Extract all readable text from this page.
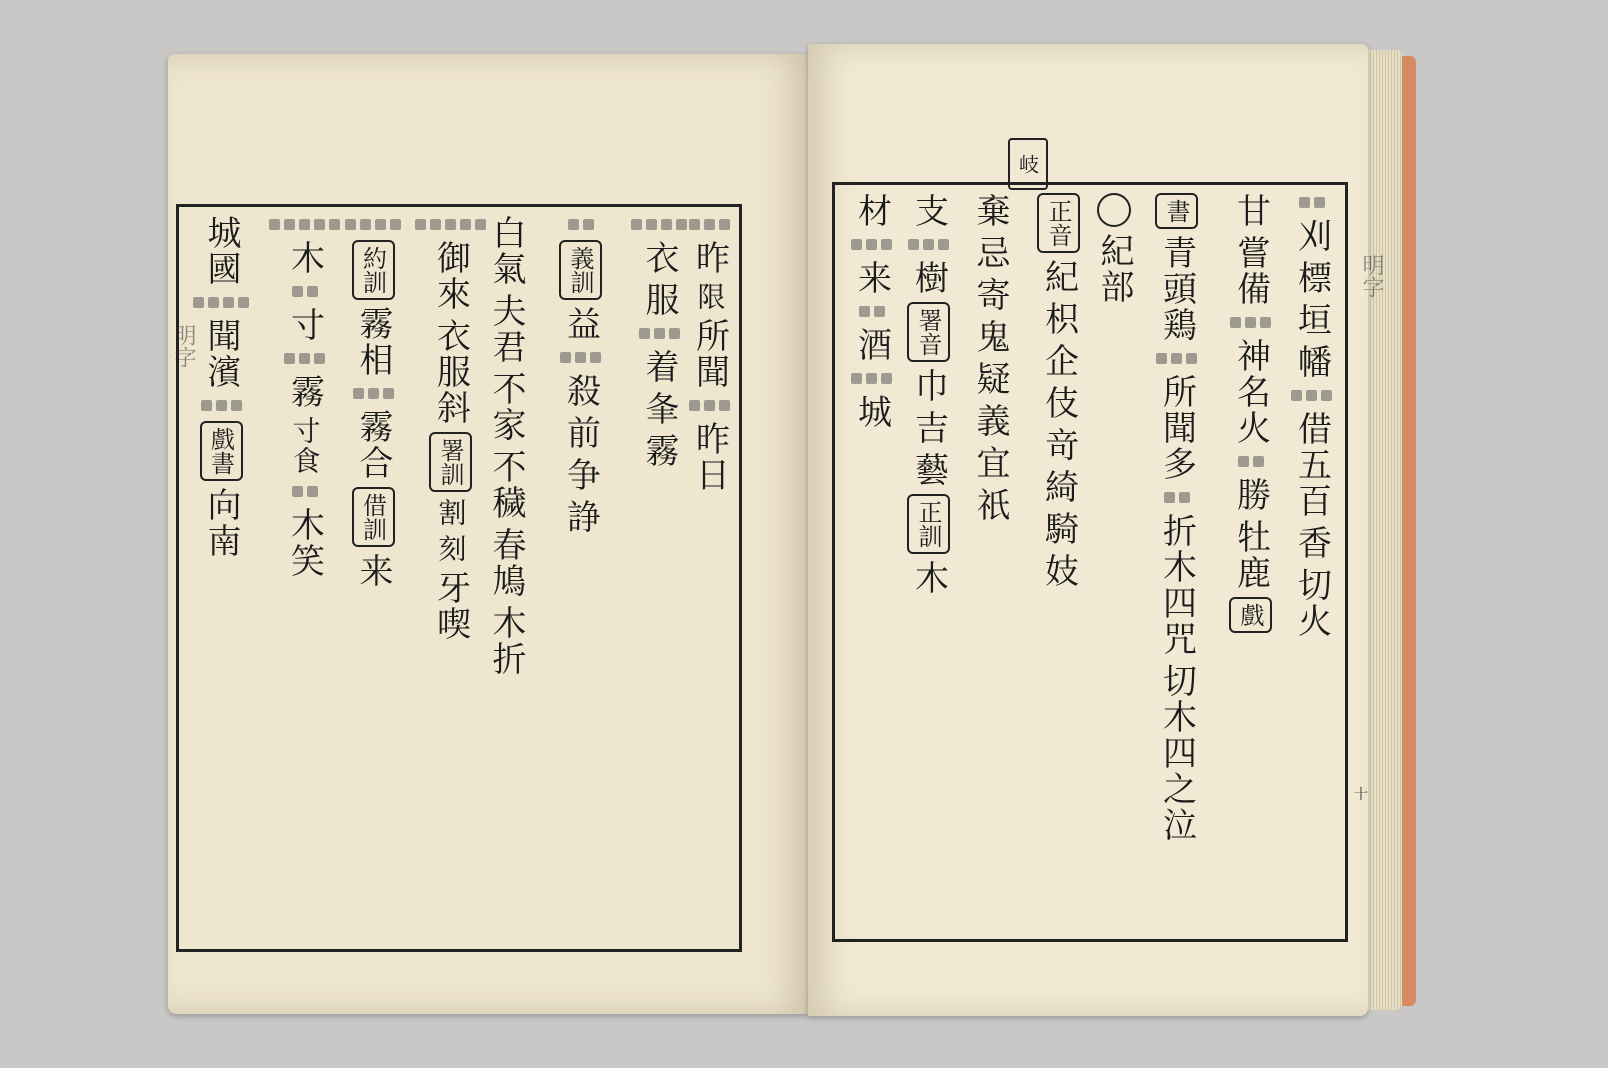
明字
城國
聞濱
戲書
向南
木
寸
霧
寸食
木笑
約訓
霧相
霧合
借訓
来
御來
衣服斜
署訓
割
刻
牙喫
白氣
夫君
不家
不穢
春鳩
木折
義訓
益
殺
前
争
諍
衣
服
着
夆
霧
昨
限
所聞
昨日
岐
明字
十
材
来
酒
城
支
樹
署音
巾
吉
藝
正訓
木
棄
忌
寄
鬼
疑
義
宜
祇
正音
紀
枳
企
伎
竒
綺
騎
妓
紀部
書
青頭鶏
所聞多
折木四咒
切木四之泣
甘
嘗備
神名火
勝
牡鹿
戲
刈
標
垣
幡
借五百
香
切火
